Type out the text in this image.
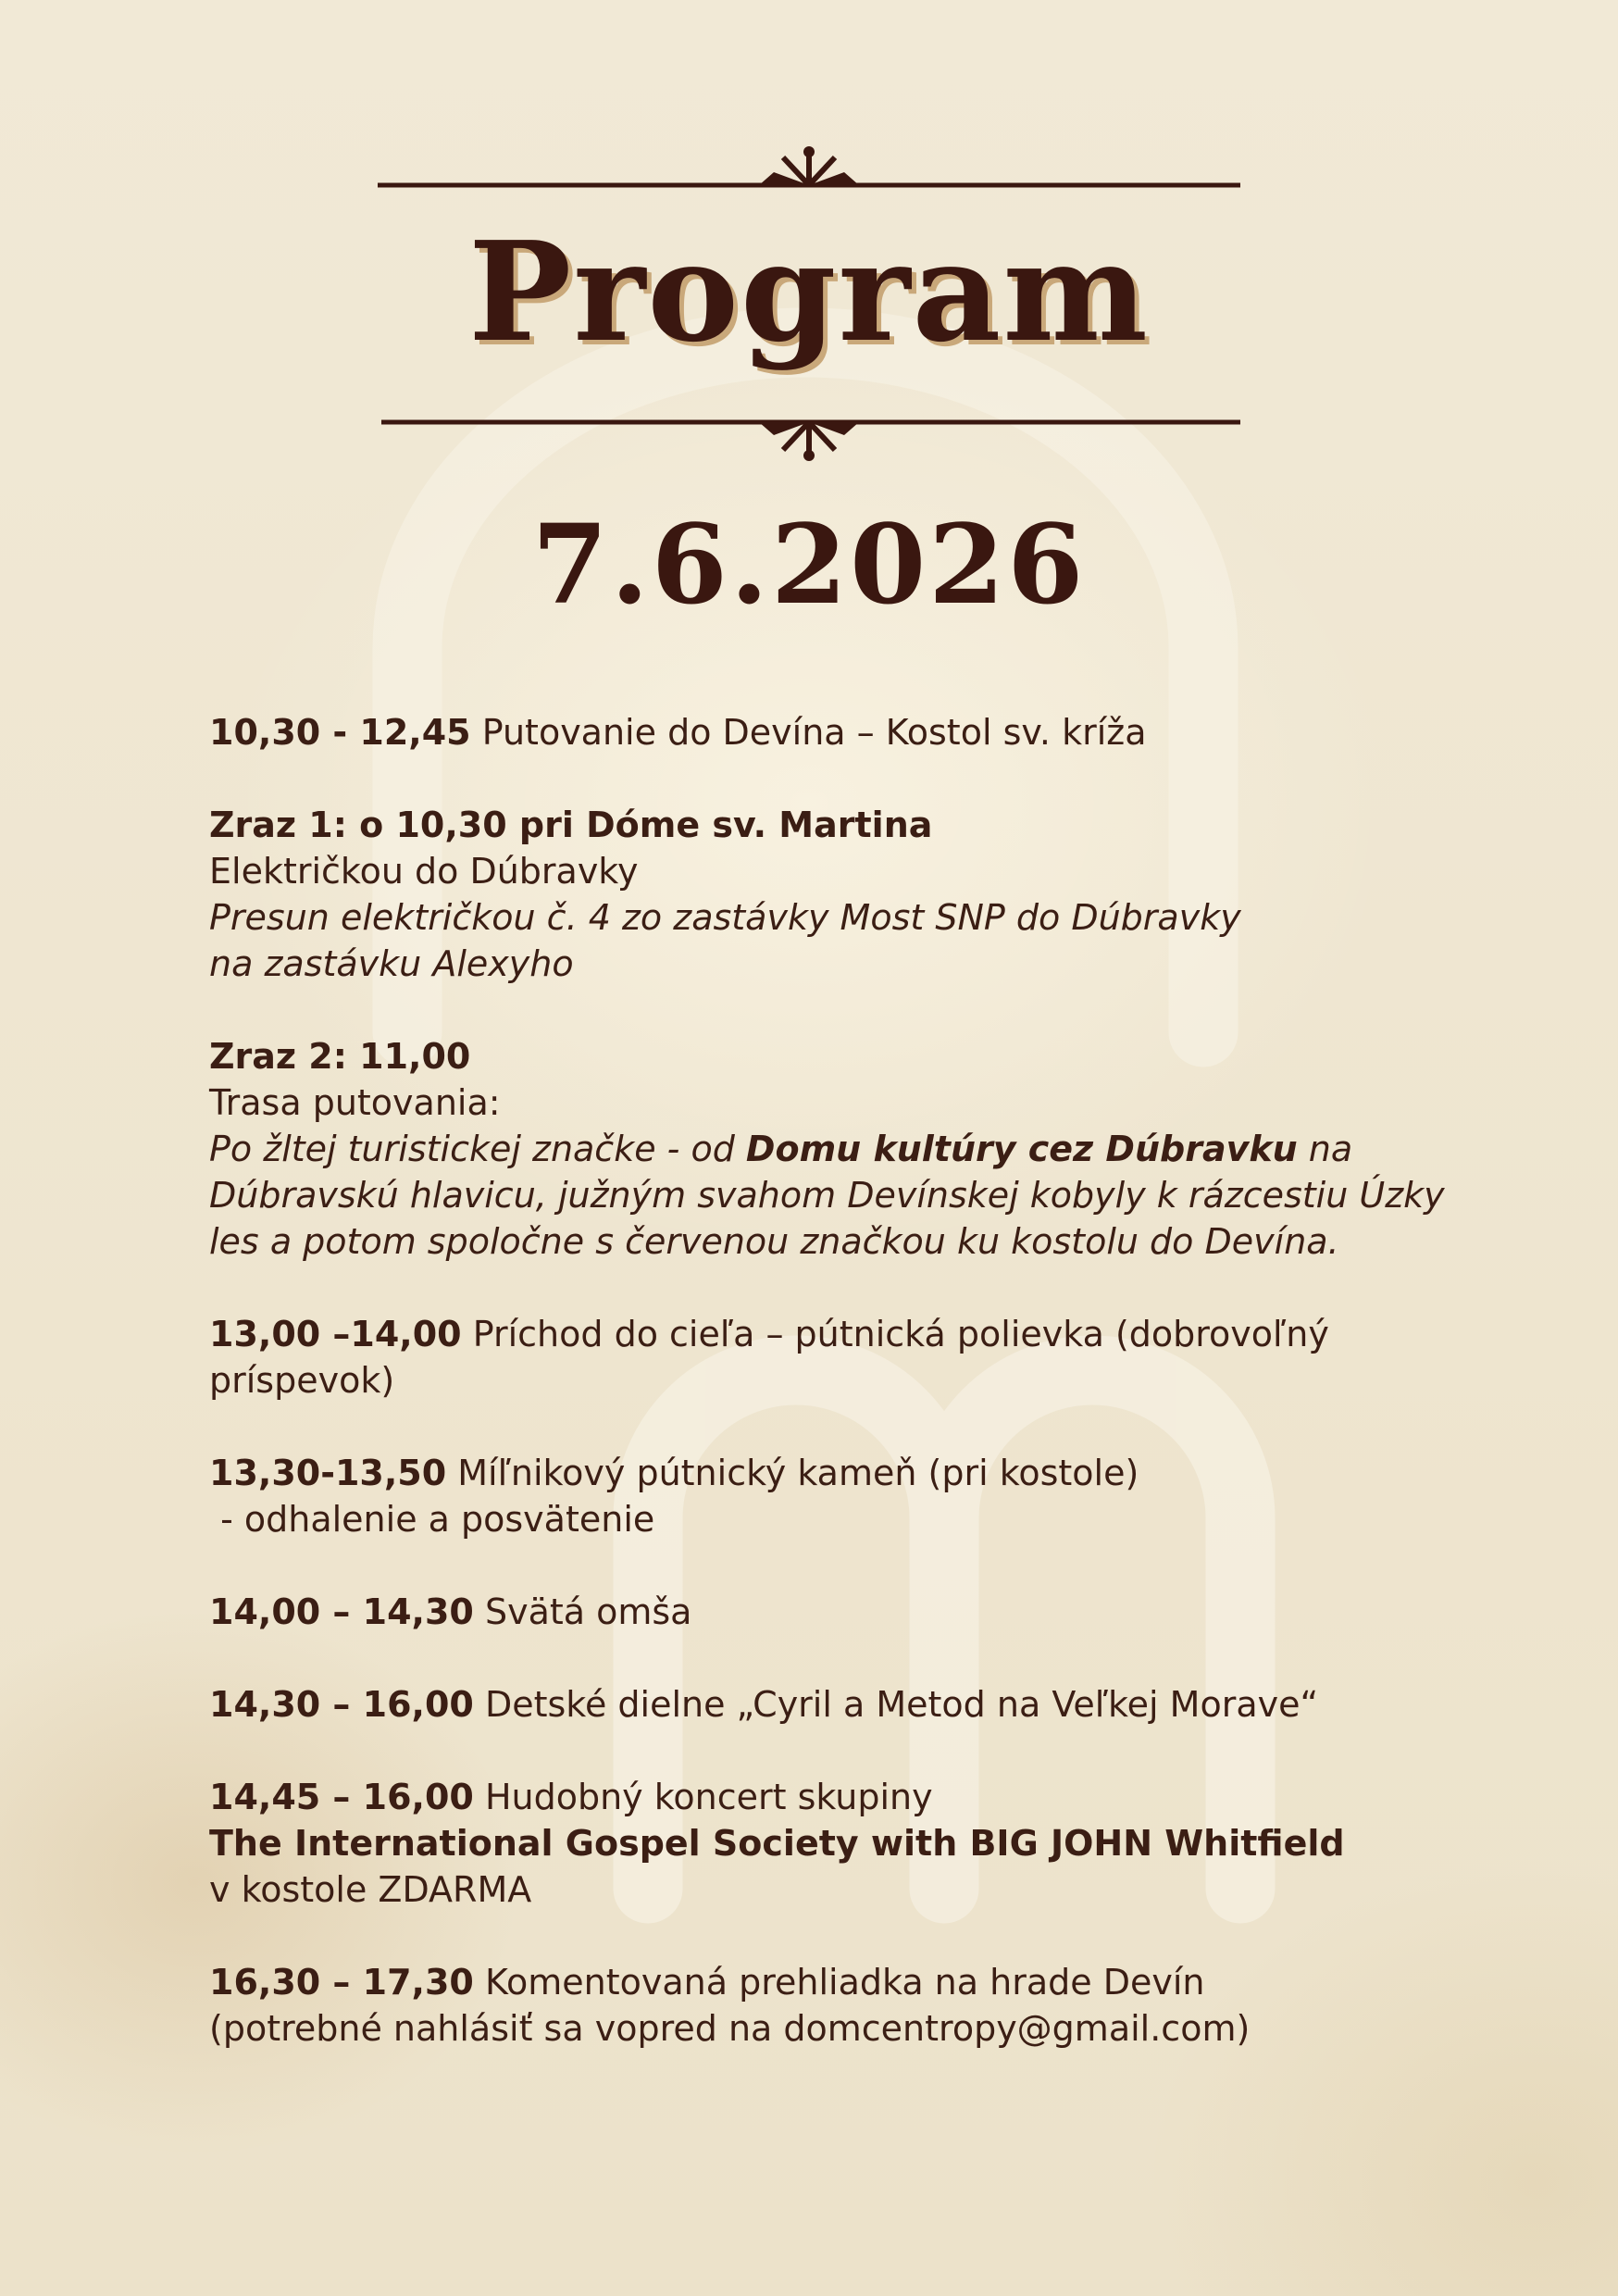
Program
7.6.2026
10,30 - 12,45 Putovanie do Devína – Kostol sv. kríža
Zraz 1: o 10,30 pri Dóme sv. Martina
Električkou do Dúbravky
Presun električkou č. 4 zo zastávky Most SNP do Dúbravky
na zastávku Alexyho
Zraz 2: 11,00
Trasa putovania:
Po žltej turistickej značke - od Domu kultúry cez Dúbravku na
Dúbravskú hlavicu, južným svahom Devínskej kobyly k rázcestiu Úzky
les a potom spoločne s červenou značkou ku kostolu do Devína.
13,00 –14,00 Príchod do cieľa – pútnická polievka (dobrovoľný
príspevok)
13,30-13,50 Míľnikový pútnický kameň (pri kostole)
- odhalenie a posvätenie
14,00 – 14,30 Svätá omša
14,30 – 16,00 Detské dielne „Cyril a Metod na Veľkej Morave“
14,45 – 16,00 Hudobný koncert skupiny
The International Gospel Society with BIG JOHN Whitfield
v kostole ZDARMA
16,30 – 17,30 Komentovaná prehliadka na hrade Devín
(potrebné nahlásiť sa vopred na domcentropy@gmail.com)
